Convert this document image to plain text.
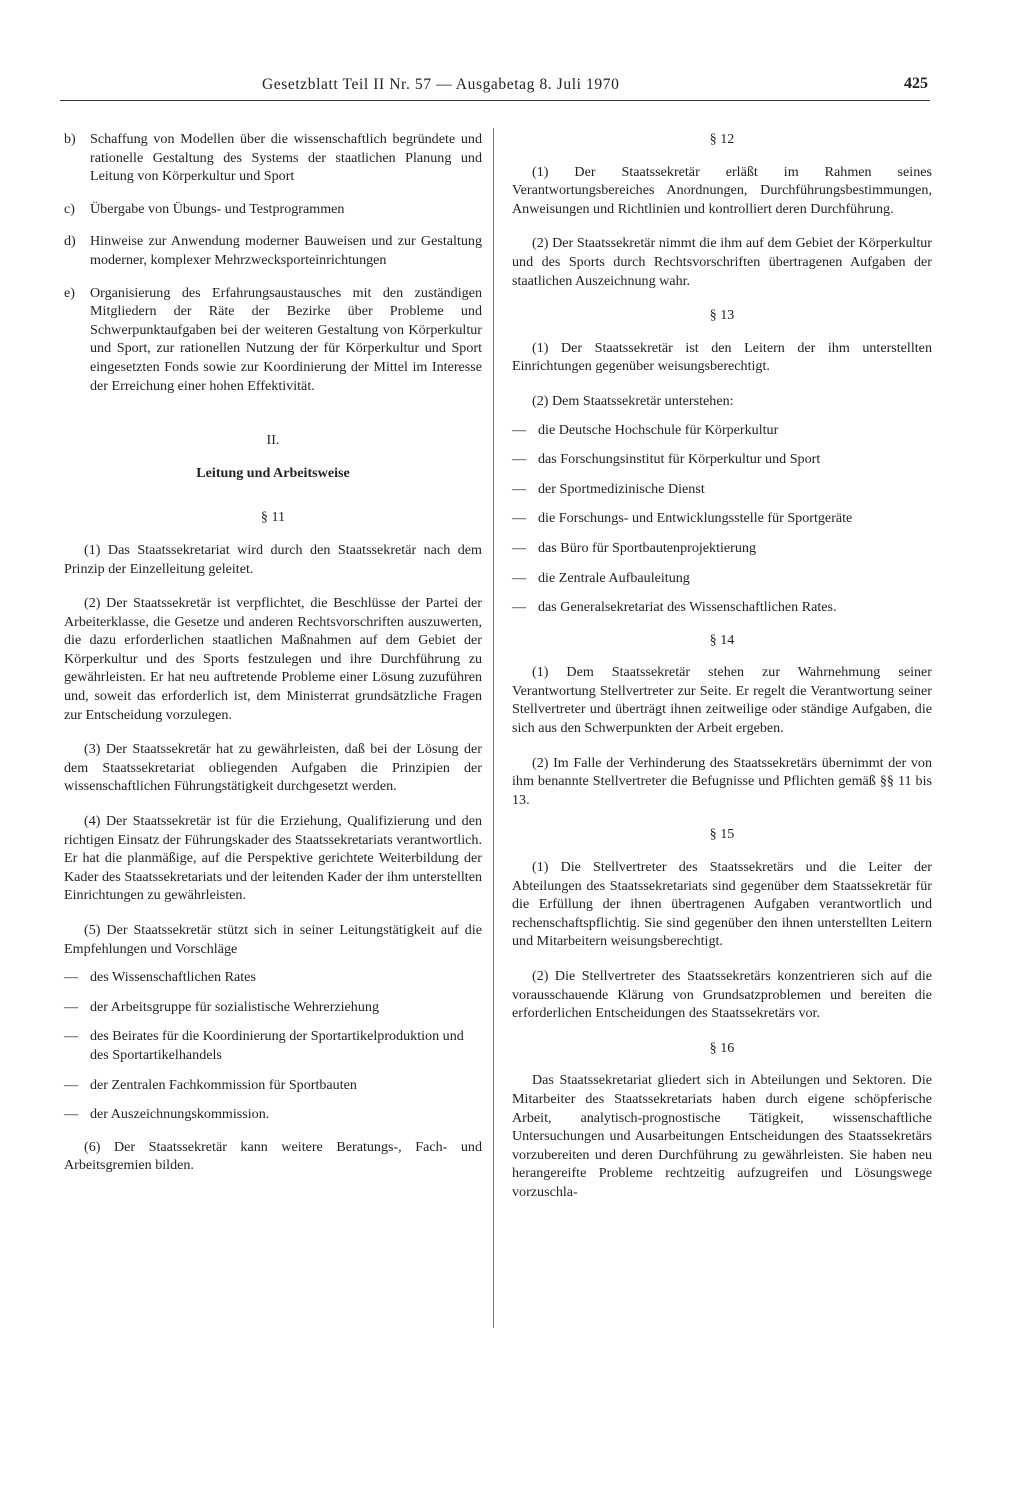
Gesetzblatt Teil II Nr. 57 — Ausgabetag 8. Juli 1970	425
b)	Schaffung von Modellen über die wissenschaftlich begründete und rationelle Gestaltung des Systems der staatlichen Planung und Leitung von Körperkultur und Sport
c)	Übergabe von Übungs- und Testprogrammen
d)	Hinweise zur Anwendung moderner Bauweisen und zur Gestaltung moderner, komplexer Mehrzwecksporteinrichtungen
e)	Organisierung des Erfahrungsaustausches mit den zuständigen Mitgliedern der Räte der Bezirke über Probleme und Schwerpunktaufgaben bei der weiteren Gestaltung von Körperkultur und Sport, zur rationellen Nutzung der für Körperkultur und Sport eingesetzten Fonds sowie zur Koordinierung der Mittel im Interesse der Erreichung einer hohen Effektivität.
II.
Leitung und Arbeitsweise
§ 11

(1) Das Staatssekretariat wird durch den Staatssekretär nach dem Prinzip der Einzelleitung geleitet.

(2) Der Staatssekretär ist verpflichtet, die Beschlüsse der Partei der Arbeiterklasse, die Gesetze und anderen Rechtsvorschriften auszuwerten, die dazu erforderlichen staatlichen Maßnahmen auf dem Gebiet der Körperkultur und des Sports festzulegen und ihre Durchführung zu gewährleisten. Er hat neu auftretende Probleme einer Lösung zuzuführen und, soweit das erforderlich ist, dem Ministerrat grundsätzliche Fragen zur Entscheidung vorzulegen.

(3) Der Staatssekretär hat zu gewährleisten, daß bei der Lösung der dem Staatssekretariat obliegenden Aufgaben die Prinzipien der wissenschaftlichen Führungstätigkeit durchgesetzt werden.

(4) Der Staatssekretär ist für die Erziehung, Qualifizierung und den richtigen Einsatz der Führungskader des Staatssekretariats verantwortlich. Er hat die planmäßige, auf die Perspektive gerichtete Weiterbildung der Kader des Staatssekretariats und der leitenden Kader der ihm unterstellten Einrichtungen zu gewährleisten.

(5) Der Staatssekretär stützt sich in seiner Leitungstätigkeit auf die Empfehlungen und Vorschläge

— des Wissenschaftlichen Rates
— der Arbeitsgruppe für sozialistische Wehrerziehung
— des Beirates für die Koordinierung der Sportartikelproduktion und des Sportartikelhandels
— der Zentralen Fachkommission für Sportbauten
— der Auszeichnungskommission.

(6) Der Staatssekretär kann weitere Beratungs-, Fach- und Arbeitsgremien bilden.

§ 12

(1) Der Staatssekretär erläßt im Rahmen seines Verantwortungsbereiches Anordnungen, Durchführungsbestimmungen, Anweisungen und Richtlinien und kontrolliert deren Durchführung.

(2) Der Staatssekretär nimmt die ihm auf dem Gebiet der Körperkultur und des Sports durch Rechtsvorschriften übertragenen Aufgaben der staatlichen Auszeichnung wahr.

§ 13

(1) Der Staatssekretär ist den Leitern der ihm unterstellten Einrichtungen gegenüber weisungsberechtigt.

(2) Dem Staatssekretär unterstehen:

— die Deutsche Hochschule für Körperkultur
— das Forschungsinstitut für Körperkultur und Sport
— der Sportmedizinische Dienst
— die Forschungs- und Entwicklungsstelle für Sportgeräte
— das Büro für Sportbautenprojektierung
— die Zentrale Aufbauleitung
— das Generalsekretariat des Wissenschaftlichen Rates.
§ 14

(1) Dem Staatssekretär stehen zur Wahrnehmung seiner Verantwortung Stellvertreter zur Seite. Er regelt die Verantwortung seiner Stellvertreter und überträgt ihnen zeitweilige oder ständige Aufgaben, die sich aus den Schwerpunkten der Arbeit ergeben.

(2) Im Falle der Verhinderung des Staatssekretärs übernimmt der von ihm benannte Stellvertreter die Befugnisse und Pflichten gemäß §§ 11 bis 13.

§ 15

(1) Die Stellvertreter des Staatssekretärs und die Leiter der Abteilungen des Staatssekretariats sind gegenüber dem Staatssekretär für die Erfüllung der ihnen übertragenen Aufgaben verantwortlich und rechenschaftspflichtig. Sie sind gegenüber den ihnen unterstellten Leitern und Mitarbeitern weisungsberechtigt.

(2) Die Stellvertreter des Staatssekretärs konzentrieren sich auf die vorausschauende Klärung von Grundsatzproblemen und bereiten die erforderlichen Entscheidungen des Staatssekretärs vor.

§ 16

Das Staatssekretariat gliedert sich in Abteilungen und Sektoren. Die Mitarbeiter des Staatssekretariats haben durch eigene schöpferische Arbeit, analytisch-prognostische Tätigkeit, wissenschaftliche Untersuchungen und Ausarbeitungen Entscheidungen des Staatssekretärs vorzubereiten und deren Durchführung zu gewährleisten. Sie haben neu herangereifte Probleme rechtzeitig aufzugreifen und Lösungswege vorzuschla-
